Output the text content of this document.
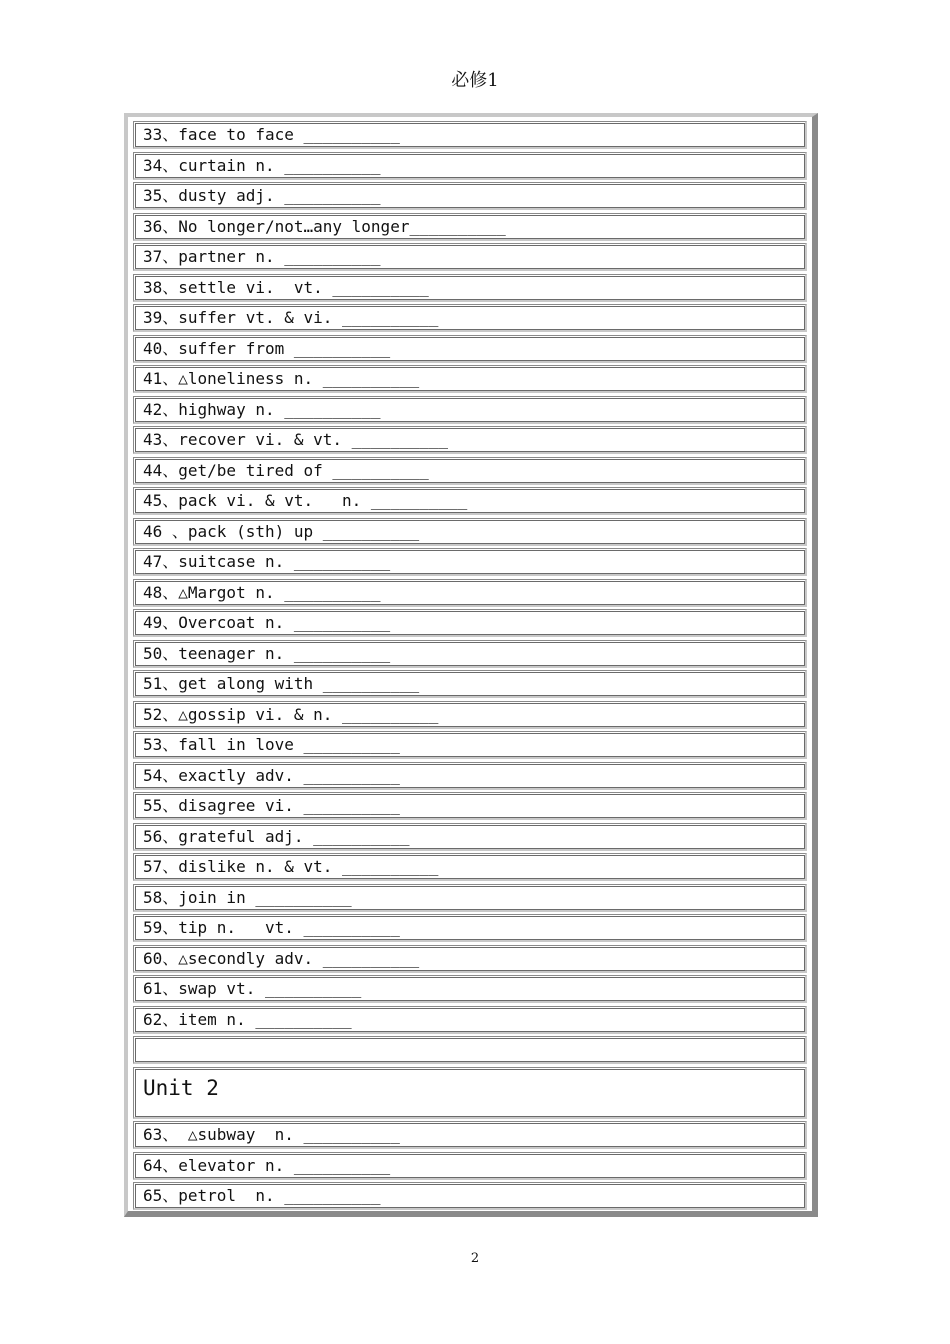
必修1
33、face to face __________
34、curtain n. __________
35、dusty adj. __________
36、No longer/not…any longer__________
37、partner n. __________
38、settle vi.  vt. __________
39、suffer vt. & vi. __________
40、suffer from __________
41、△loneliness n. __________
42、highway n. __________
43、recover vi. & vt. __________
44、get/be tired of __________
45、pack vi. & vt.   n. __________
46 、pack (sth) up __________
47、suitcase n. __________
48、△Margot n. __________
49、Overcoat n. __________
50、teenager n. __________
51、get along with __________
52、△gossip vi. & n. __________
53、fall in love __________
54、exactly adv. __________
55、disagree vi. __________
56、grateful adj. __________
57、dislike n. & vt. __________
58、join in __________
59、tip n.   vt. __________
60、△secondly adv. __________
61、swap vt. __________
62、item n. __________
Unit 2
63、 △subway  n. __________
64、elevator n. __________
65、petrol  n. __________
2
